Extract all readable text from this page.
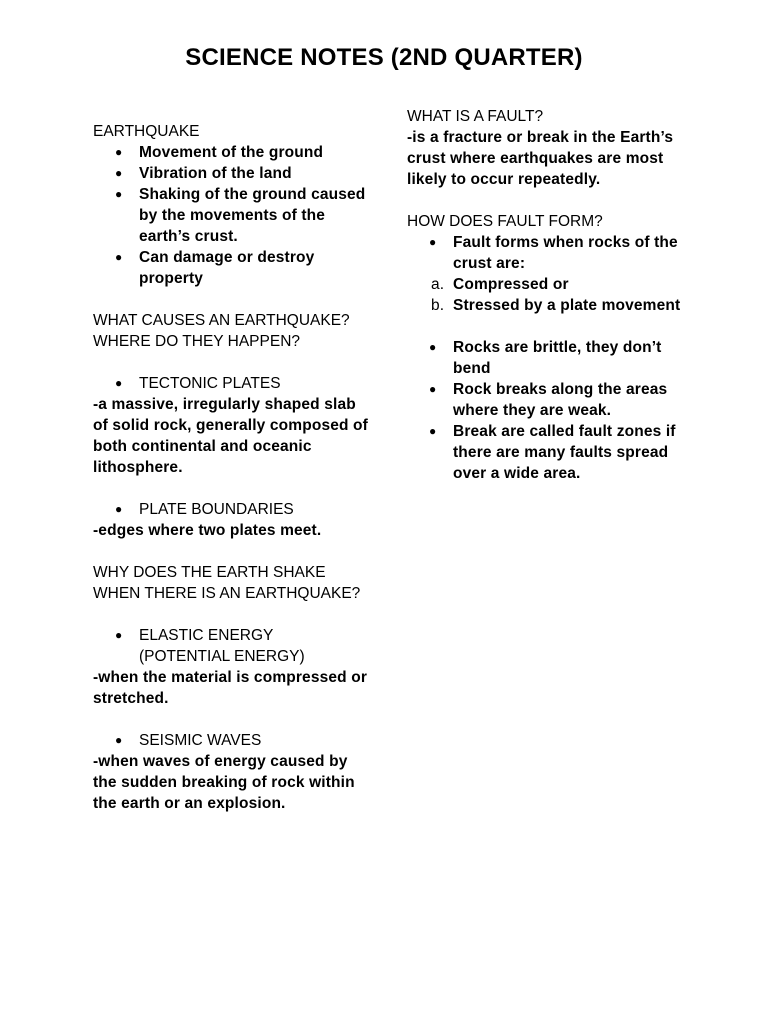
SCIENCE NOTES (2ND QUARTER)

EARTHQUAKE

● Movement of the ground
● Vibration of the land
● Shaking of the ground caused by the movements of the earth’s crust.
● Can damage or destroy property

WHAT CAUSES AN EARTHQUAKE? WHERE DO THEY HAPPEN?

● TECTONIC PLATES

-a massive, irregularly shaped slab of solid rock, generally composed of both continental and oceanic lithosphere.

● PLATE BOUNDARIES

-edges where two plates meet.

WHY DOES THE EARTH SHAKE WHEN THERE IS AN EARTHQUAKE?

● ELASTIC ENERGY (POTENTIAL ENERGY)

-when the material is compressed or stretched.

● SEISMIC WAVES

-when waves of energy caused by the sudden breaking of rock within the earth or an explosion.

WHAT IS A FAULT?

-is a fracture or break in the Earth’s crust where earthquakes are most likely to occur repeatedly.

HOW DOES FAULT FORM?

● Fault forms when rocks of the crust are:
a. Compressed or
b. Stressed by a plate movement
● Rocks are brittle, they don’t bend
● Rock breaks along the areas where they are weak.
● Break are called fault zones if there are many faults spread over a wide area.
